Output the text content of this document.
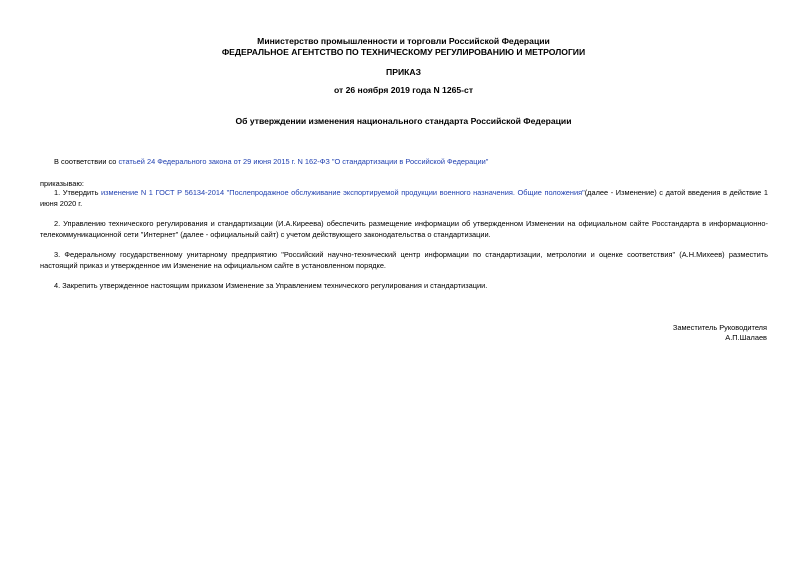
Министерство промышленности и торговли Российской Федерации
ФЕДЕРАЛЬНОЕ АГЕНТСТВО ПО ТЕХНИЧЕСКОМУ РЕГУЛИРОВАНИЮ И МЕТРОЛОГИИ
ПРИКАЗ
от 26 ноября 2019 года N 1265-ст
Об утверждении изменения национального стандарта Российской Федерации
В соответствии со статьей 24 Федерального закона от 29 июня 2015 г. N 162-ФЗ "О стандартизации в Российской Федерации"
приказываю:
1. Утвердить изменение N 1 ГОСТ Р 56134-2014 "Послепродажное обслуживание экспортируемой продукции военного назначения. Общие положения"(далее - Изменение) с датой введения в действие 1 июня 2020 г.
2. Управлению технического регулирования и стандартизации (И.А.Киреева) обеспечить размещение информации об утвержденном Изменении на официальном сайте Росстандарта в информационно-телекоммуникационной сети "Интернет" (далее - официальный сайт) с учетом действующего законодательства о стандартизации.
3. Федеральному государственному унитарному предприятию "Российский научно-технический центр информации по стандартизации, метрологии и оценке соответствия" (А.Н.Михеев) разместить настоящий приказ и утвержденное им Изменение на официальном сайте в установленном порядке.
4. Закрепить утвержденное настоящим приказом Изменение за Управлением технического регулирования и стандартизации.
Заместитель Руководителя
А.П.Шалаев
